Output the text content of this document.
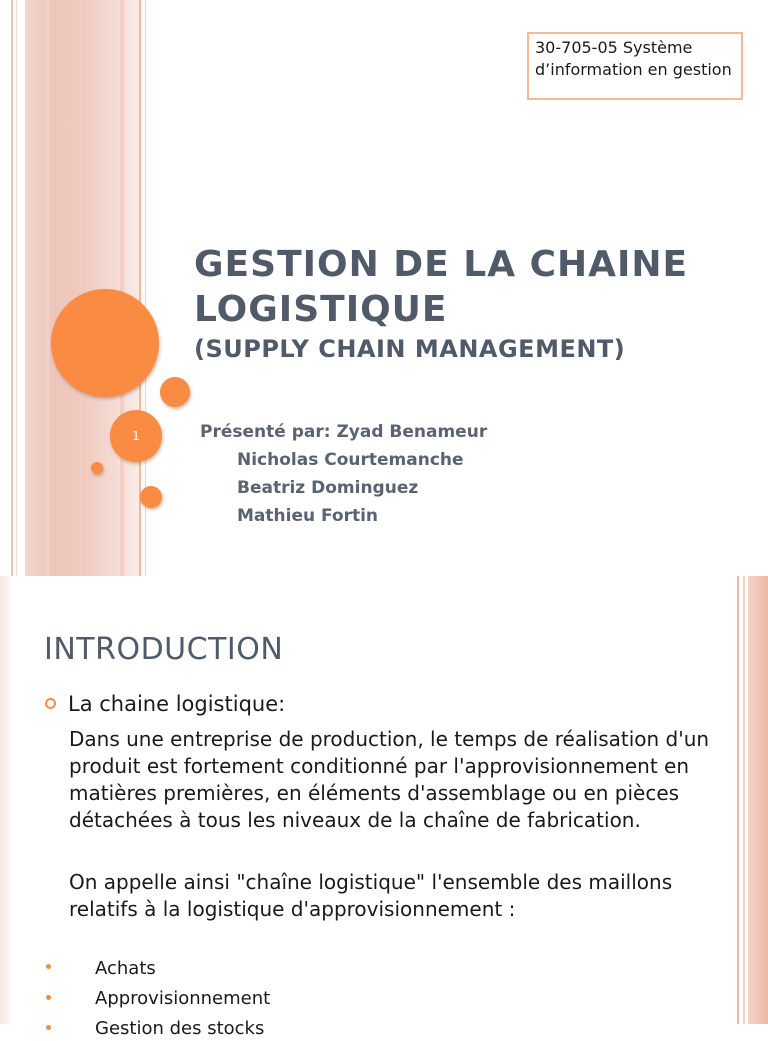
1
30-705-05 Système d’information en gestion
GESTION DE LA CHAINE
LOGISTIQUE
(SUPPLY CHAIN MANAGEMENT)
Présenté par: Zyad Benameur
Nicholas Courtemanche
Beatriz Dominguez
Mathieu Fortin
INTRODUCTION
La chaine logistique:
Dans une entreprise de production, le temps de réalisation d'un produit est fortement conditionné par l'approvisionnement en matières premières, en éléments d'assemblage ou en pièces détachées à tous les niveaux de la chaîne de fabrication.
On appelle ainsi "chaîne logistique" l'ensemble des maillons relatifs à la logistique d'approvisionnement :
Achats
Approvisionnement
Gestion des stocks
